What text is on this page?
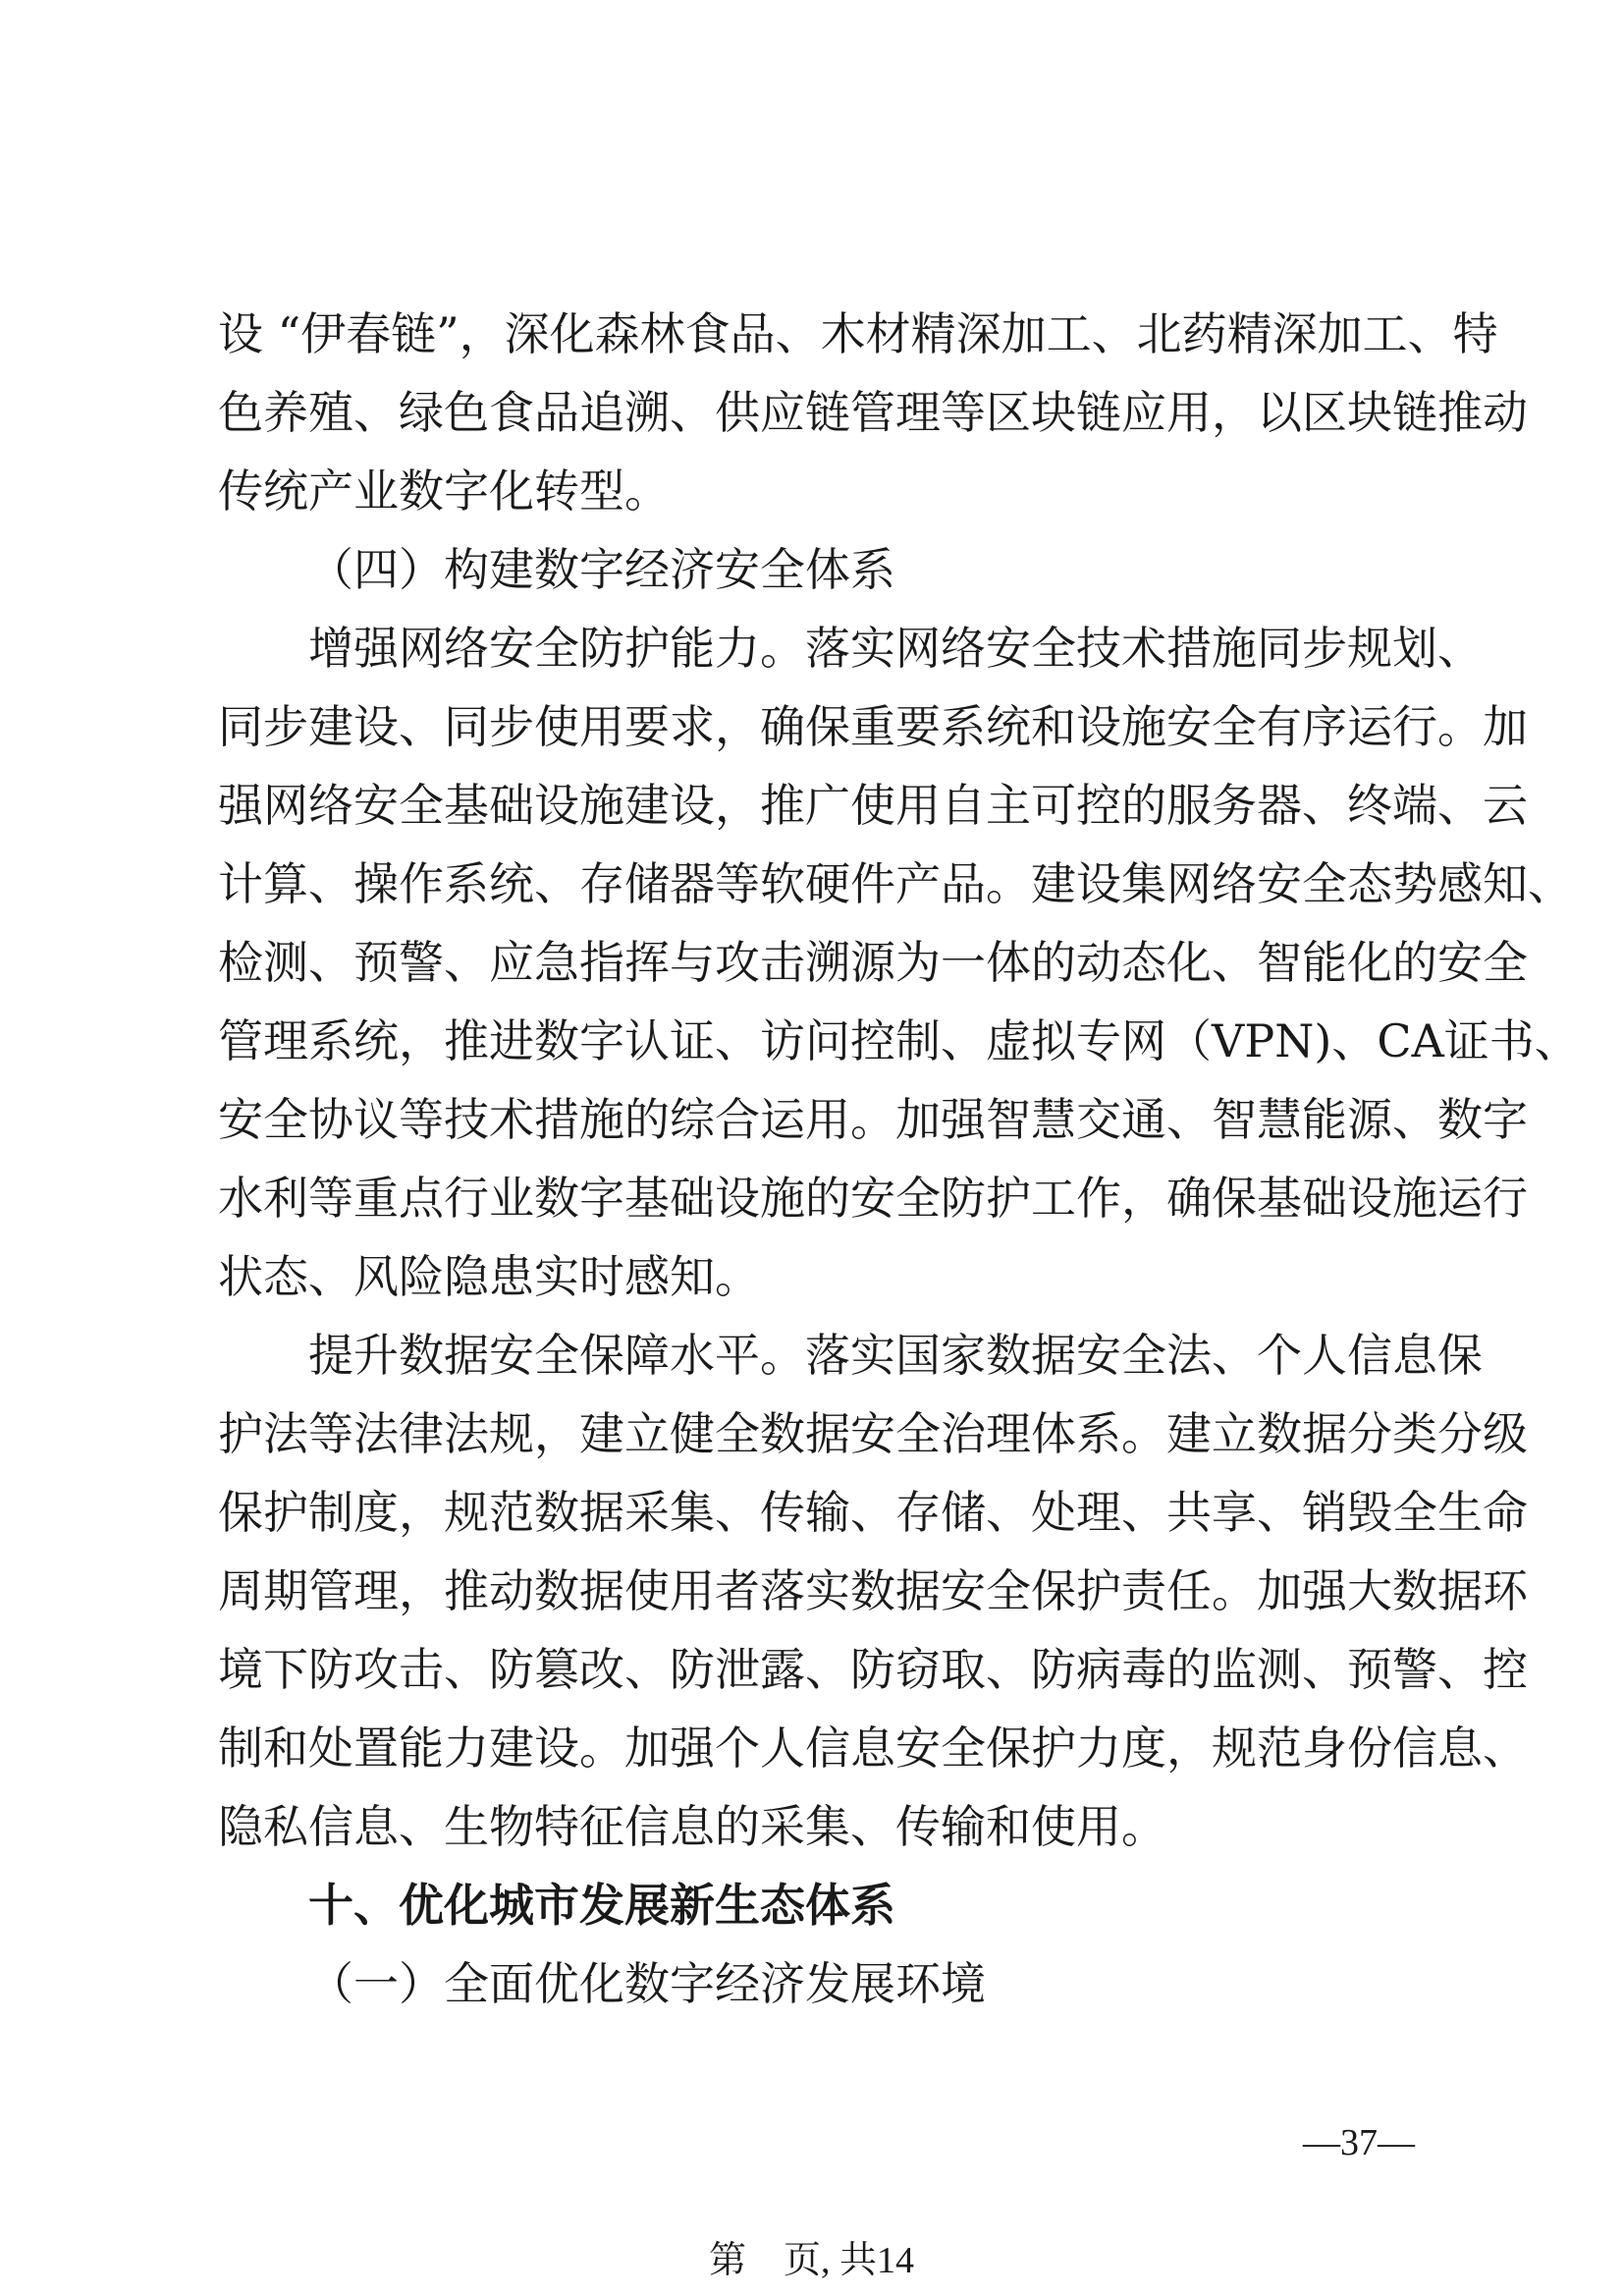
设 “伊春链”，深化森林食品、木材精深加工、北药精深加工、特
色养殖、绿色食品追溯、供应链管理等区块链应用，以区块链推动
传统产业数字化转型。
（四）构建数字经济安全体系
　　增强网络安全防护能力。落实网络安全技术措施同步规划、
同步建设、同步使用要求，确保重要系统和设施安全有序运行。加
强网络安全基础设施建设，推广使用自主可控的服务器、终端、云
计算、操作系统、存储器等软硬件产品。建设集网络安全态势感知、
检测、预警、应急指挥与攻击溯源为一体的动态化、智能化的安全
管理系统，推进数字认证、访问控制、虚拟专网（VPN)、CA证书、
安全协议等技术措施的综合运用。加强智慧交通、智慧能源、数字
水利等重点行业数字基础设施的安全防护工作，确保基础设施运行
状态、风险隐患实时感知。
　　提升数据安全保障水平。落实国家数据安全法、个人信息保
护法等法律法规，建立健全数据安全治理体系。建立数据分类分级
保护制度，规范数据采集、传输、存储、处理、共享、销毁全生命
周期管理，推动数据使用者落实数据安全保护责任。加强大数据环
境下防攻击、防篡改、防泄露、防窃取、防病毒的监测、预警、控
制和处置能力建设。加强个人信息安全保护力度，规范身份信息、
隐私信息、生物特征信息的采集、传输和使用。
十、优化城市发展新生态体系
（一）全面优化数字经济发展环境
—37—
第　页, 共14
